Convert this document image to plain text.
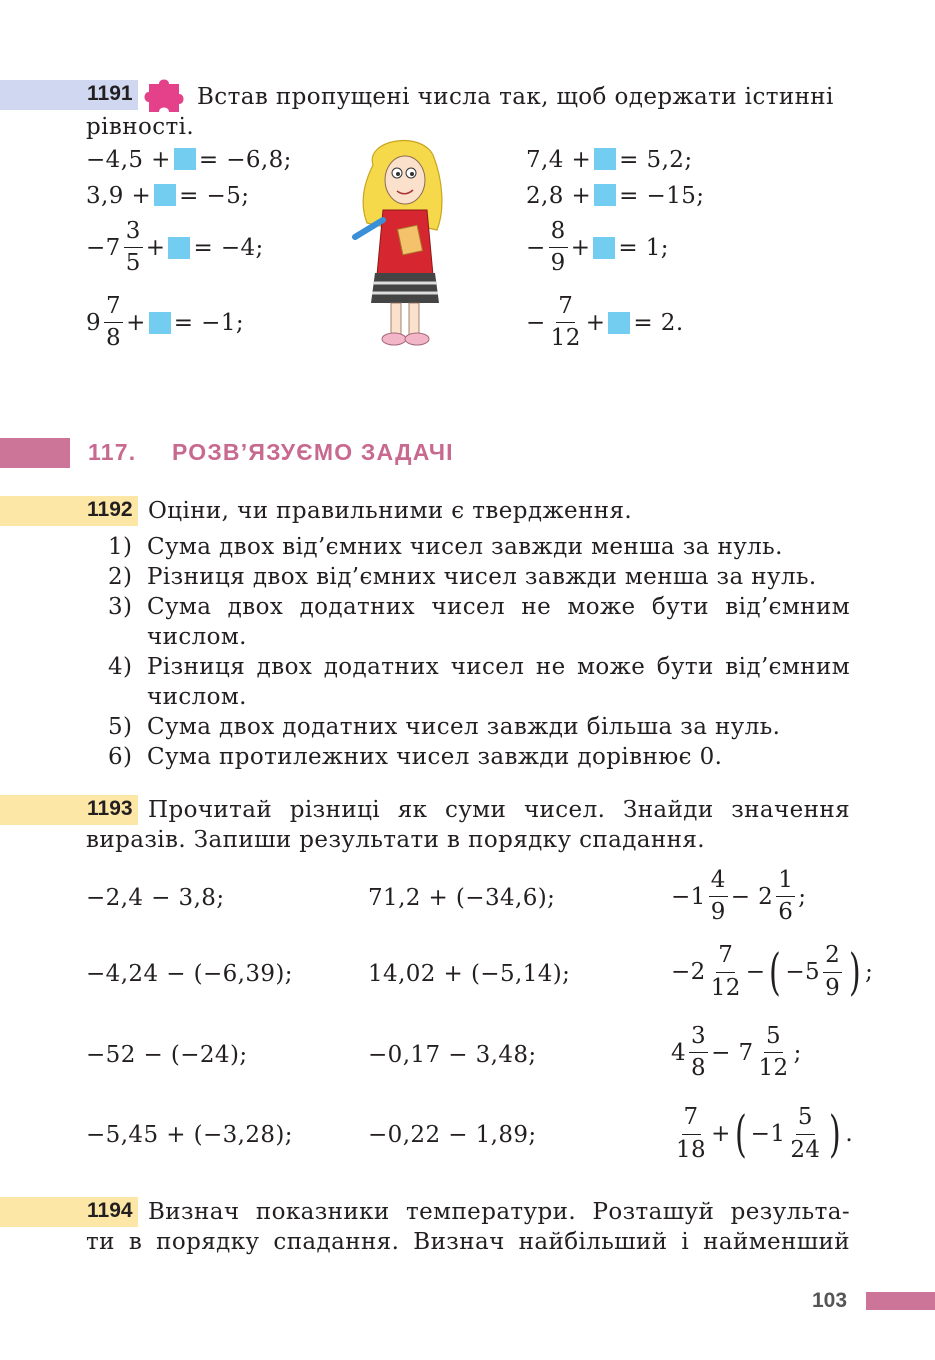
1191	Встав пропущені числа так, щоб одержати істинні
рівності.
−4,5 + = −6,8;
3,9 + = −5;
$-7 \frac{3}{5}$ + = −4;
$9 \frac{7}{8}$ + = −1;
7,4 + = 5,2;
2,8 + = −15;
− $\frac{8}{9}$ + = 1;
− $\frac{7}{12}$ + = 2.
117. РОЗВ’ЯЗУЄМО ЗАДАЧІ
1192 Оціни, чи правильними є твердження.
1) Сума двох від’ємних чисел завжди менша за нуль.
2) Різниця двох від’ємних чисел завжди менша за нуль.
3) Сума двох додатних чисел не може бути від’ємним
числом.
4) Різниця двох додатних чисел не може бути від’ємним
числом.
5) Сума двох додатних чисел завжди більша за нуль.
6) Сума протилежних чисел завжди дорівнює 0.
1193 Прочитай різниці як суми чисел. Знайди значення
виразів. Запиши результати в порядку спадання.
−2,4 − 3,8;
−4,24 − (−6,39);
−52 − (−24);
−5,45 + (−3,28);
71,2 + (−34,6);
14,02 + (−5,14);
−0,17 − 3,48;
−0,22 − 1,89;
$-1 \frac{4}{9} - 2 \frac{1}{6}$ ;
$-2 \frac{7}{12}$ − ( $-5 \frac{2}{9}$ ) ;
$4 \frac{3}{8} - 7 \frac{5}{12}$ ;
$\frac{7}{18}$ + ( $-1 \frac{5}{24}$ ) .
1194 Визнач показники температури. Розташуй результа-
ти в порядку спадання. Визнач найбільший і найменший
103
